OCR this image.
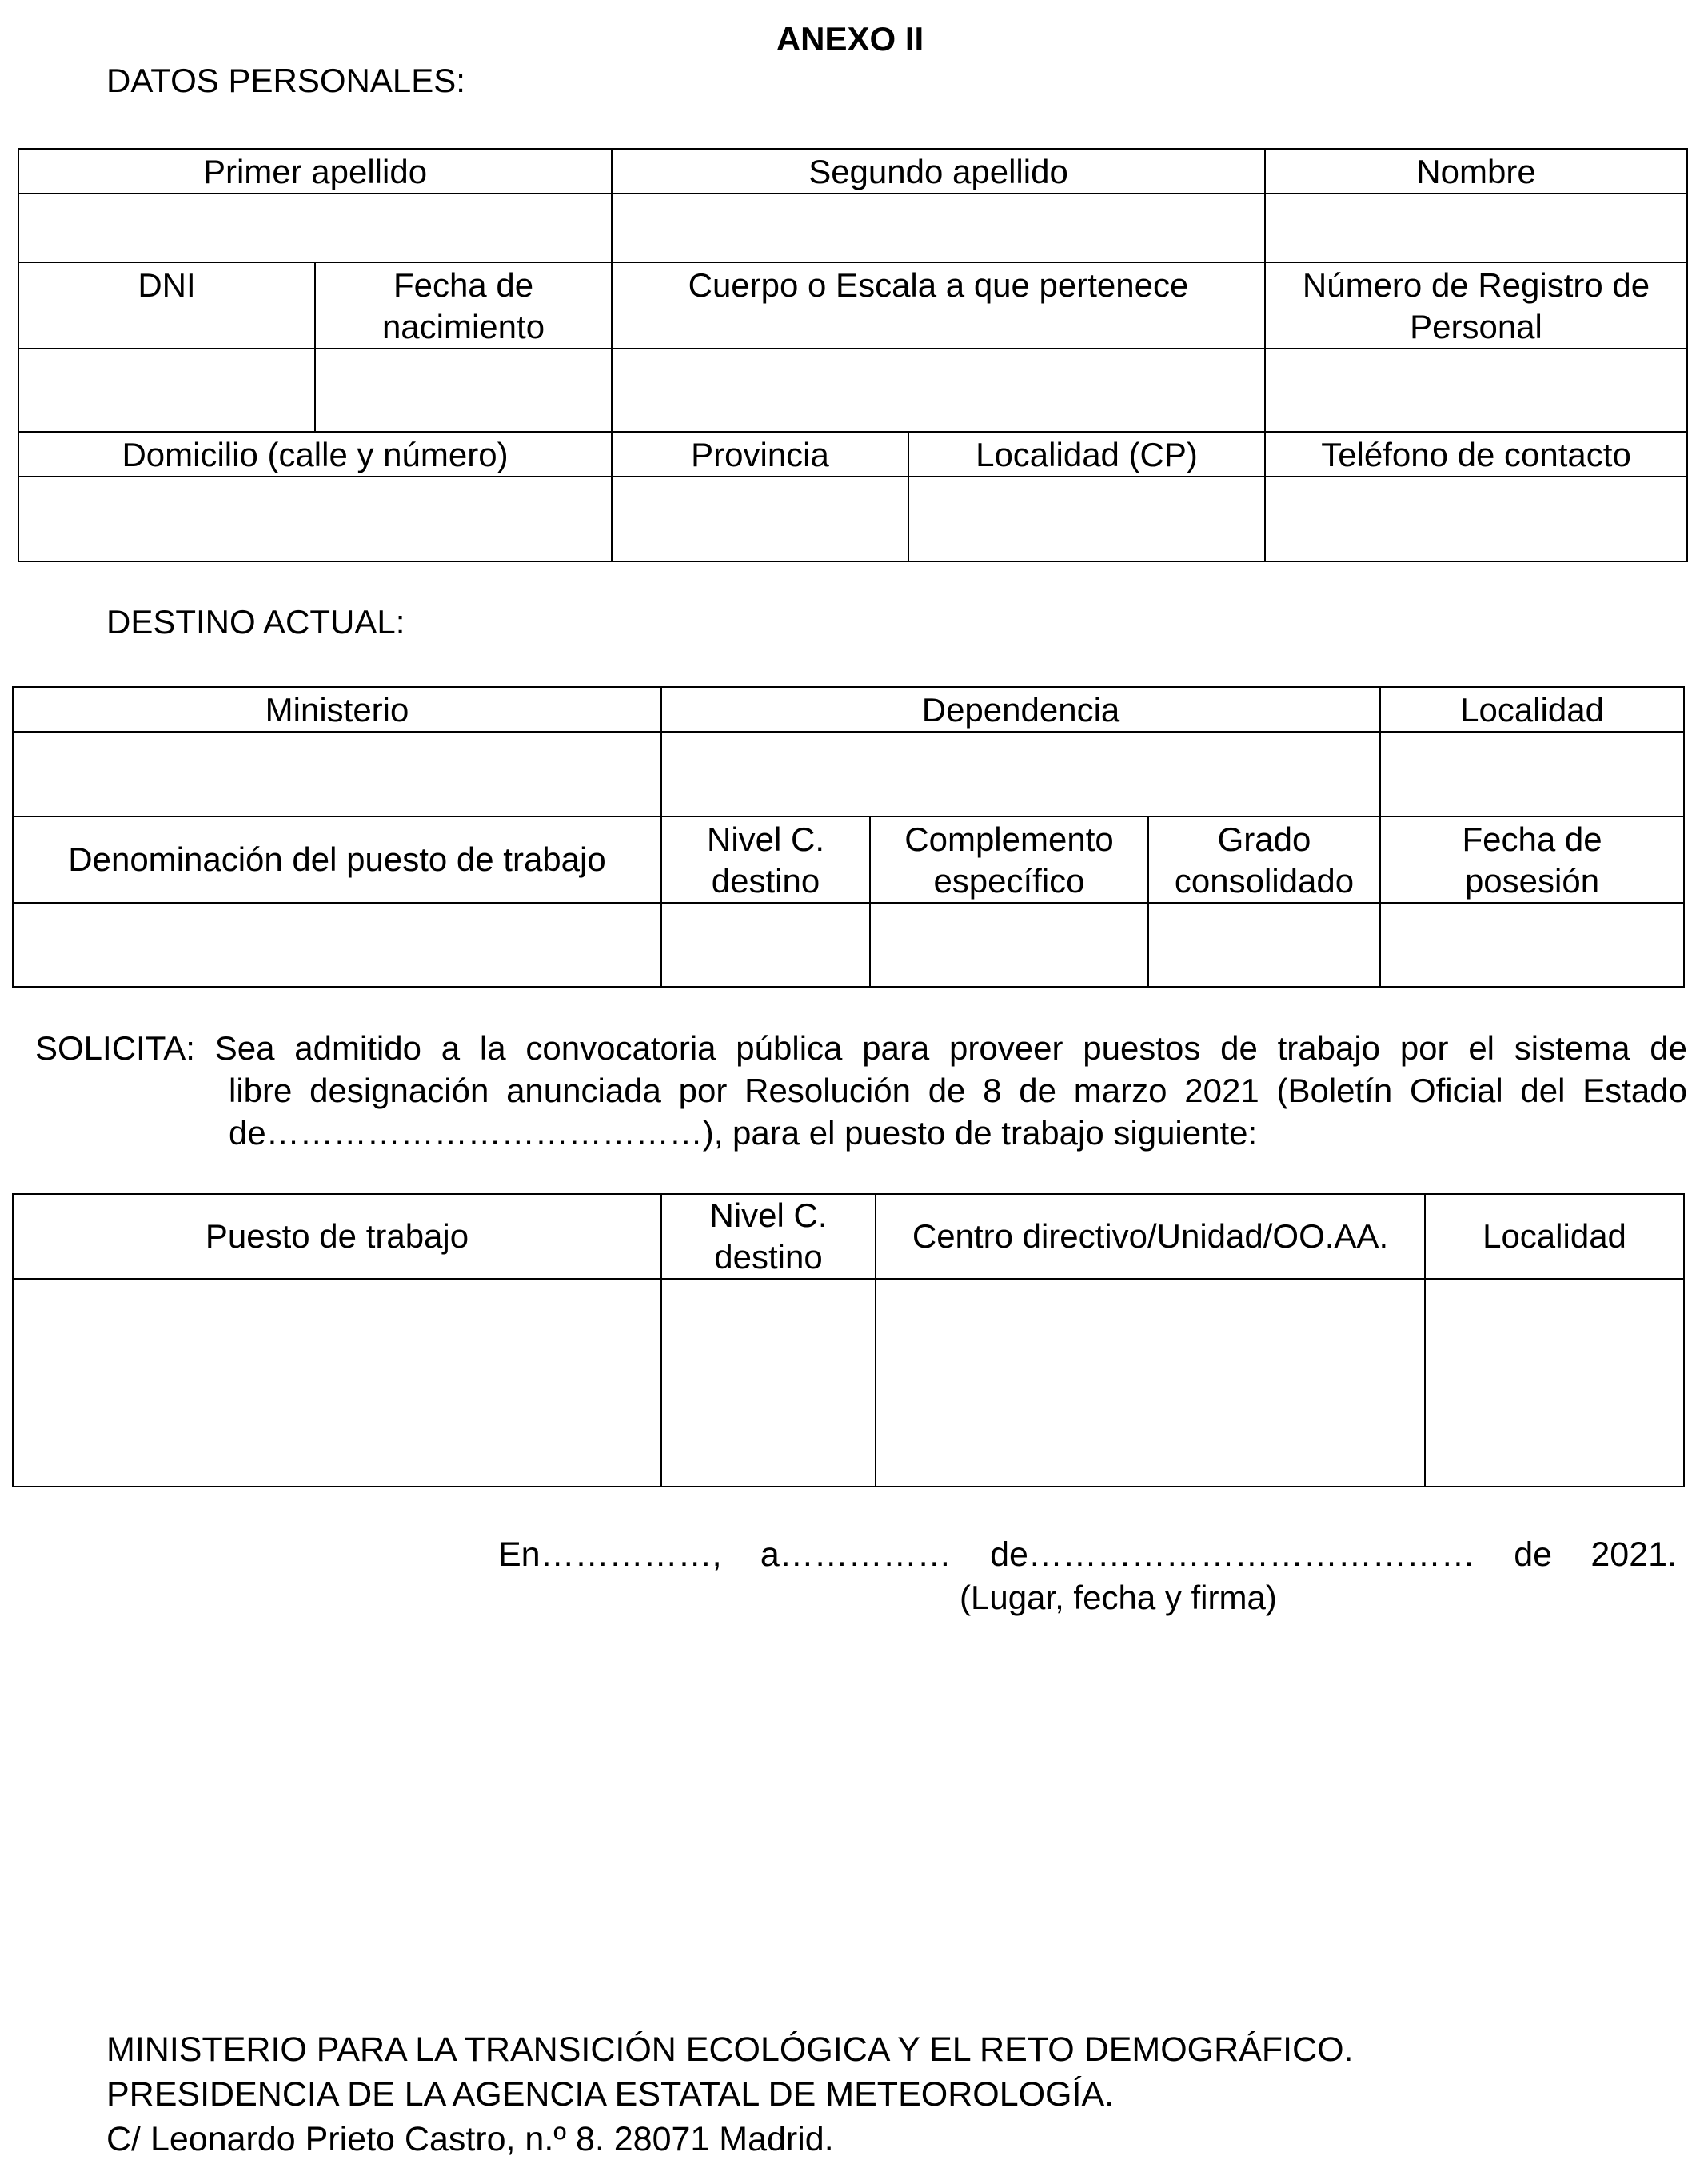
ANEXO II
DATOS PERSONALES:
Primer apellido		Segundo apellido		Nombre

DNI	Fecha de nacimiento	Cuerpo o Escala a que pertenece		Número de Registro de Personal

Domicilio (calle y número)		Provincia	Localidad (CP)	Teléfono de contacto

DESTINO ACTUAL:
Ministerio	Dependencia			Localidad

Denominación del puesto de trabajo	Nivel C. destino	Complemento específico	Grado consolidado	Fecha de posesión

SOLICITA: Sea admitido a la convocatoria pública para proveer puestos de trabajo por el sistema de
libre designación anunciada por Resolución de 8 de marzo 2021 (Boletín Oficial del Estado
de…………………………………), para el puesto de trabajo siguiente:
Puesto de trabajo	Nivel C. destino	Centro directivo/Unidad/OO.AA.	Localidad

En……………, a…………… de………………………………… de 2021.
(Lugar, fecha y firma)
MINISTERIO PARA LA TRANSICIÓN ECOLÓGICA Y EL RETO DEMOGRÁFICO.
PRESIDENCIA DE LA AGENCIA ESTATAL DE METEOROLOGÍA.
C/ Leonardo Prieto Castro, n.º 8. 28071 Madrid.
